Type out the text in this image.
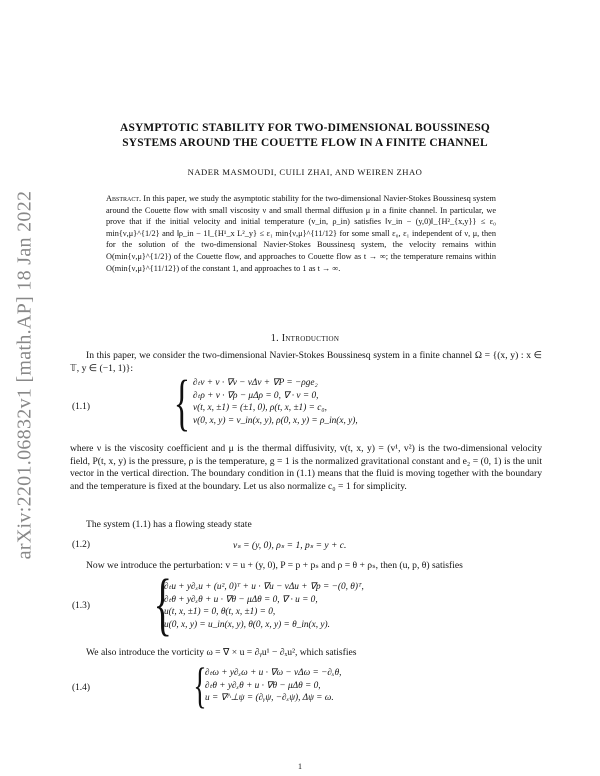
arXiv:2201.06832v1 [math.AP] 18 Jan 2022
ASYMPTOTIC STABILITY FOR TWO-DIMENSIONAL BOUSSINESQ
SYSTEMS AROUND THE COUETTE FLOW IN A FINITE CHANNEL
NADER MASMOUDI, CUILI ZHAI, AND WEIREN ZHAO
Abstract. In this paper, we study the asymptotic stability for the two-dimensional Navier-Stokes Boussinesq system around the Couette flow with small viscosity ν and small thermal diffusion μ in a finite channel. In particular, we prove that if the initial velocity and initial temperature (v_in, ρ_in) satisfies ‖v_in − (y,0)‖_{H²_{x,y}} ≤ ε₀ min{ν,μ}^{1/2} and ‖ρ_in − 1‖_{H¹_x L²_y} ≤ ε₁ min{ν,μ}^{11/12} for some small ε₀, ε₁ independent of ν, μ, then for the solution of the two-dimensional Navier-Stokes Boussinesq system, the velocity remains within O(min{ν,μ}^{1/2}) of the Couette flow, and approaches to Couette flow as t → ∞; the temperature remains within O(min{ν,μ}^{11/12}) of the constant 1, and approaches to 1 as t → ∞.
1. Introduction
In this paper, we consider the two-dimensional Navier-Stokes Boussinesq system in a finite channel Ω = {(x, y) : x ∈ 𝕋, y ∈ (−1, 1)}:
(1.1) { ∂ₜv + v · ∇v − νΔv + ∇P = −ρge₂
∂ₜρ + v · ∇ρ − μΔρ = 0, ∇ · v = 0,
v(t, x, ±1) = (±1, 0), ρ(t, x, ±1) = c₀,
v(0, x, y) = v_in(x, y), ρ(0, x, y) = ρ_in(x, y),
where ν is the viscosity coefficient and μ is the thermal diffusivity, v(t, x, y) = (v¹, v²) is the two-dimensional velocity field, P(t, x, y) is the pressure, ρ is the temperature, g = 1 is the normalized gravitational constant and e₂ = (0, 1) is the unit vector in the vertical direction. The boundary condition in (1.1) means that the fluid is moving together with the boundary and the temperature is fixed at the boundary. Let us also normalize c₀ = 1 for simplicity.
The system (1.1) has a flowing steady state
(1.2)	vₛ = (y, 0), ρₛ = 1, pₛ = y + c.
Now we introduce the perturbation: v = u + (y, 0), P = p + pₛ and ρ = θ + ρₛ, then (u, p, θ) satisfies
(1.3) {
∂ₜu + y∂ₓu + (u², 0)ᵀ + u · ∇u − νΔu + ∇p = −(0, θ)ᵀ,
∂ₜθ + y∂ₓθ + u · ∇θ − μΔθ = 0, ∇ · u = 0,
u(t, x, ±1) = 0, θ(t, x, ±1) = 0,
u(0, x, y) = u_in(x, y), θ(0, x, y) = θ_in(x, y).
We also introduce the vorticity ω = ∇ × u = ∂ᵧu¹ − ∂ₓu², which satisfies
(1.4) {
∂ₜω + y∂ₓω + u · ∇ω − νΔω = −∂ₓθ,
∂ₜθ + y∂ₓθ + u · ∇θ − μΔθ = 0,
u = ∇^⊥ψ = (∂ᵧψ, −∂ₓψ), Δψ = ω.
1
